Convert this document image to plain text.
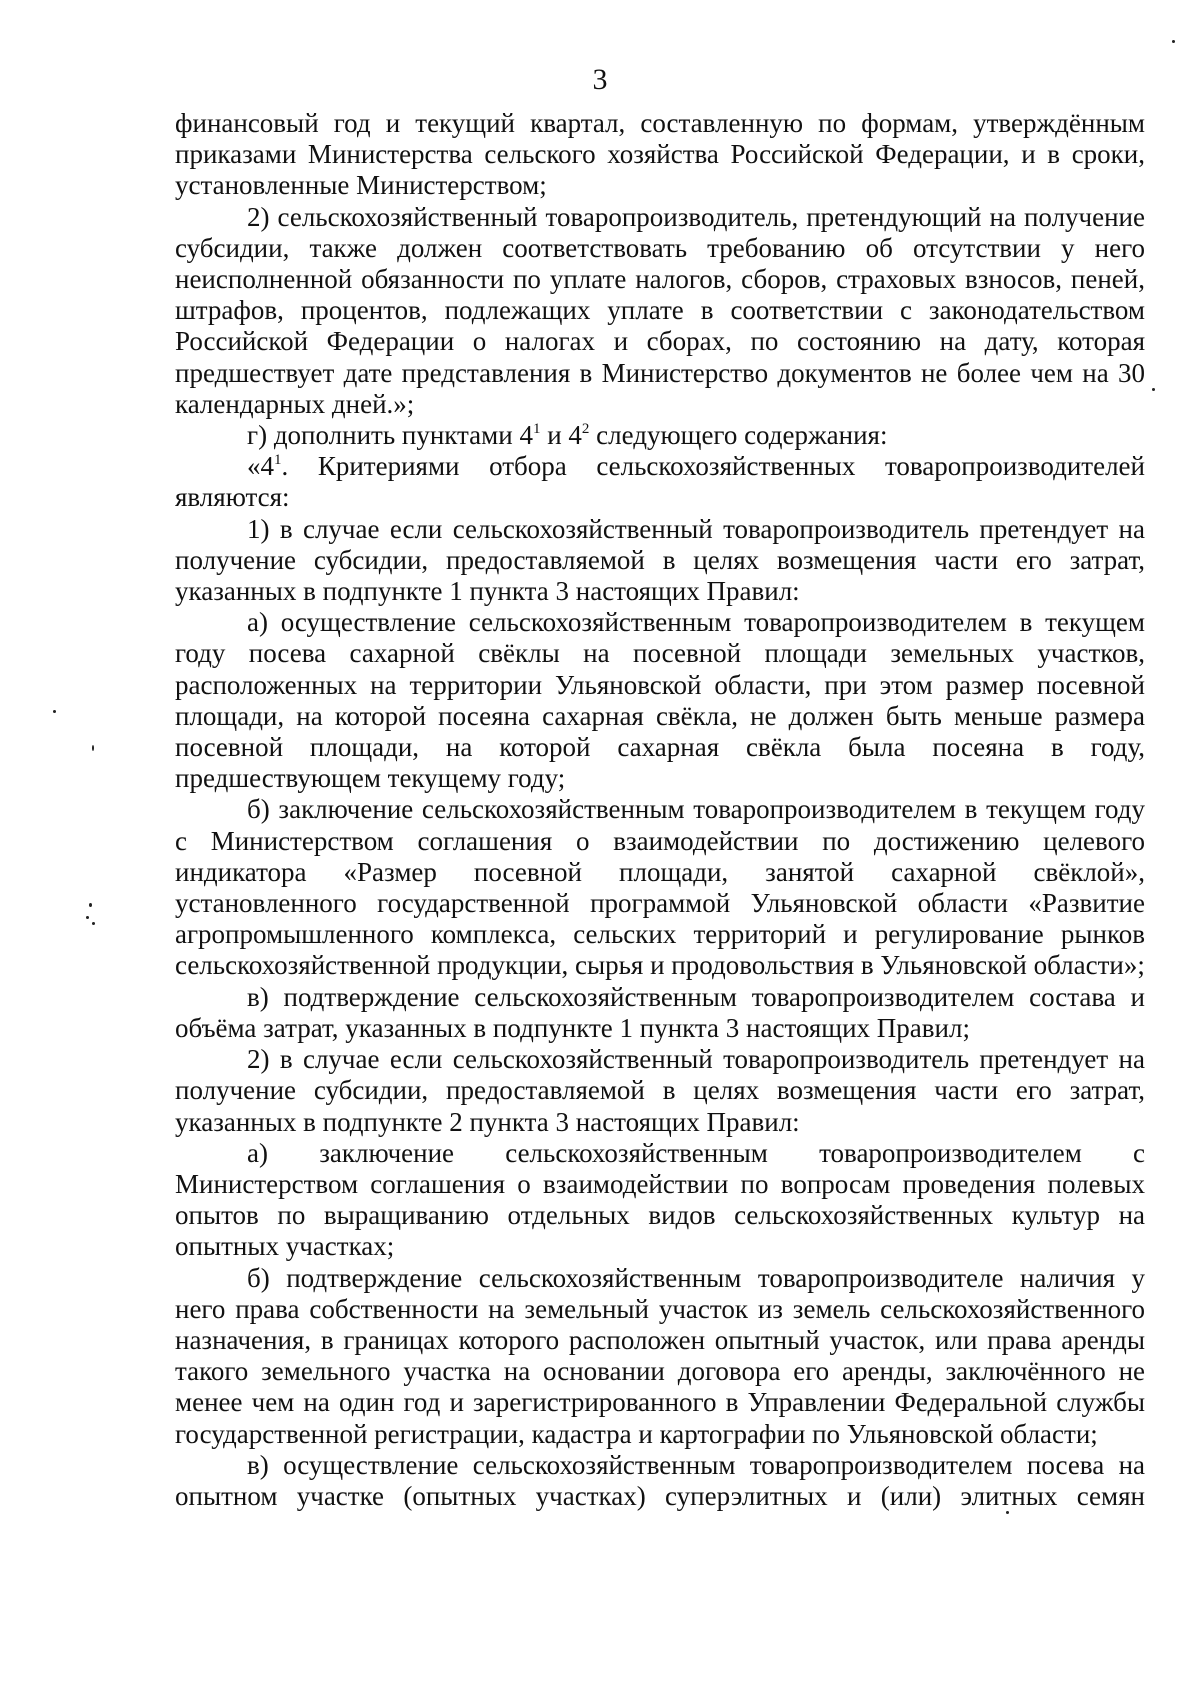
3

финансовый год и текущий квартал, составленную по формам, утверждённым приказами Министерства сельского хозяйства Российской Федерации, и в сроки, установленные Министерством;

2) сельскохозяйственный товаропроизводитель, претендующий на получение субсидии, также должен соответствовать требованию об отсутствии у него неисполненной обязанности по уплате налогов, сборов, страховых взносов, пеней, штрафов, процентов, подлежащих уплате в соответствии с законодательством Российской Федерации о налогах и сборах, по состоянию на дату, которая предшествует дате представления в Министерство документов не более чем на 30 календарных дней.»;

г) дополнить пунктами $4^1$ и $4^2$ следующего содержания:

«$4^1$. Критериями отбора сельскохозяйственных товаропроизводителей являются:

1) в случае если сельскохозяйственный товаропроизводитель претендует на получение субсидии, предоставляемой в целях возмещения части его затрат, указанных в подпункте 1 пункта 3 настоящих Правил:

а) осуществление сельскохозяйственным товаропроизводителем в текущем году посева сахарной свёклы на посевной площади земельных участков, расположенных на территории Ульяновской области, при этом размер посевной площади, на которой посеяна сахарная свёкла, не должен быть меньше размера посевной площади, на которой сахарная свёкла была посеяна в году, предшествующем текущему году;

б) заключение сельскохозяйственным товаропроизводителем в текущем году с Министерством соглашения о взаимодействии по достижению целевого индикатора «Размер посевной площади, занятой сахарной свёклой», установленного государственной программой Ульяновской области «Развитие агропромышленного комплекса, сельских территорий и регулирование рынков сельскохозяйственной продукции, сырья и продовольствия в Ульяновской области»;

в) подтверждение сельскохозяйственным товаропроизводителем состава и объёма затрат, указанных в подпункте 1 пункта 3 настоящих Правил;

2) в случае если сельскохозяйственный товаропроизводитель претендует на получение субсидии, предоставляемой в целях возмещения части его затрат, указанных в подпункте 2 пункта 3 настоящих Правил:

а) заключение сельскохозяйственным товаропроизводителем с Министерством соглашения о взаимодействии по вопросам проведения полевых опытов по выращиванию отдельных видов сельскохозяйственных культур на опытных участках;

б) подтверждение сельскохозяйственным товаропроизводителе наличия у него права собственности на земельный участок из земель сельскохозяйственного назначения, в границах которого расположен опытный участок, или права аренды такого земельного участка на основании договора его аренды, заключённого не менее чем на один год и зарегистрированного в Управлении Федеральной службы государственной регистрации, кадастра и картографии по Ульяновской области;

в) осуществление сельскохозяйственным товаропроизводителем посева на опытном участке (опытных участках) суперэлитных и (или) элитных семян
